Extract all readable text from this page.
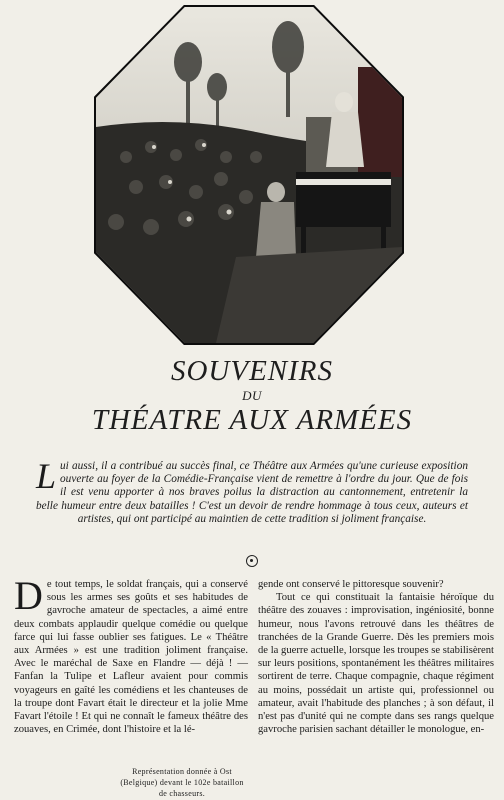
SOUVENIRS
DU
THÉATRE AUX ARMÉES
Lui aussi, il a contribué au succès final, ce Théâtre aux Armées qu'une curieuse exposition ouverte au foyer de la Comédie-Française vient de remettre à l'ordre du jour. Que de fois il est venu apporter à nos braves poilus la distraction au cantonnement, entretenir la belle humeur entre deux batailles ! C'est un devoir de rendre hommage à tous ceux, auteurs et artistes, qui ont participé au maintien de cette tradition si joliment française.

De tout temps, le soldat français, qui a conservé sous les armes ses goûts et ses habitudes de gavroche amateur de spectacles, a aimé entre deux combats applaudir quelque comédie ou quelque farce qui lui fasse oublier ses fatigues. Le « Théâtre aux Armées » est une tradition joliment française. Avec le maréchal de Saxe en Flandre — déjà ! — Fanfan la Tulipe et Lafleur avaient pour commis voyageurs en gaîté les comédiens et les chanteuses de la troupe dont Favart était le directeur et la jolie Mme Favart l'étoile ! Et qui ne connaît le fameux théâtre des zouaves, en Crimée, dont l'histoire et la lé-

gende ont conservé le pittoresque souvenir?

Tout ce qui constituait la fantaisie héroïque du théâtre des zouaves : improvisation, ingéniosité, bonne humeur, nous l'avons retrouvé dans les théâtres de tranchées de la Grande Guerre. Dès les premiers mois de la guerre actuelle, lorsque les troupes se stabilisèrent sur leurs positions, spontanément les théâtres militaires sortirent de terre. Chaque compagnie, chaque régiment au moins, possédait un artiste qui, professionnel ou amateur, avait l'habitude des planches ; à son défaut, il n'est pas d'unité qui ne compte dans ses rangs quelque gavroche parisien sachant détailler le monologue, en-

Représentation donnée à Ost (Belgique) devant le 102e bataillon de chasseurs.
